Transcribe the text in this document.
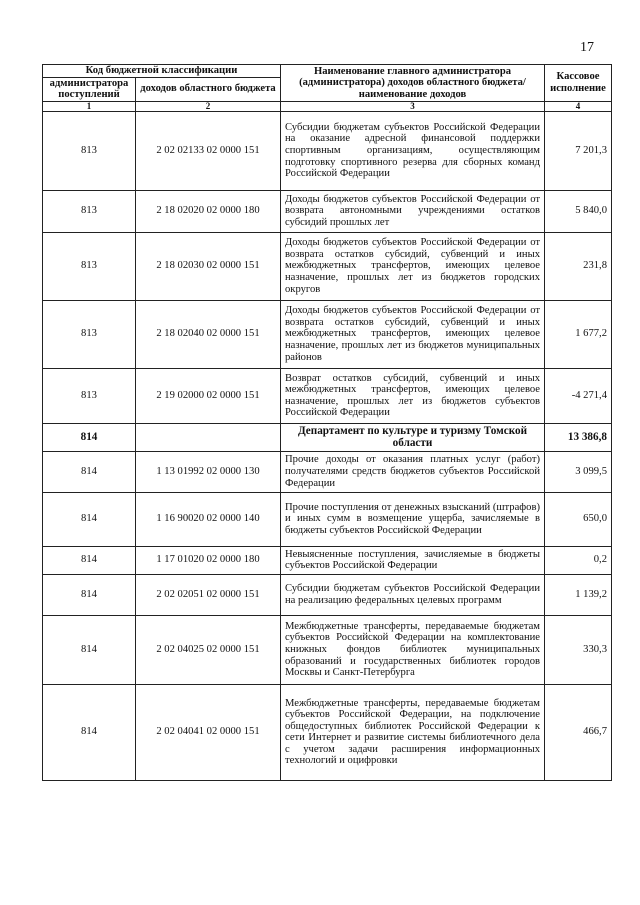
17
Код бюджетной классификации		Наименование главного администратора (администратора) доходов областного бюджета/ наименование доходов	Кассовое исполнение
администратора поступлений	доходов областного бюджета		
1	2	3	4
813	2 02 02133 02 0000 151	Субсидии бюджетам субъектов Российской Федерации на оказание адресной финансовой поддержки спортивным организациям, осуществляющим подготовку спортивного резерва для сборных команд Российской Федерации	7 201,3
813	2 18 02020 02 0000 180	Доходы бюджетов субъектов Российской Федерации от возврата автономными учреждениями остатков субсидий прошлых лет	5 840,0
813	2 18 02030 02 0000 151	Доходы бюджетов субъектов Российской Федерации от возврата остатков субсидий, субвенций и иных межбюджетных трансфертов, имеющих целевое назначение, прошлых лет из бюджетов городских округов	231,8
813	2 18 02040 02 0000 151	Доходы бюджетов субъектов Российской Федерации от возврата остатков субсидий, субвенций и иных межбюджетных трансфертов, имеющих целевое назначение, прошлых лет из бюджетов муниципальных районов	1 677,2
813	2 19 02000 02 0000 151	Возврат остатков субсидий, субвенций и иных межбюджетных трансфертов, имеющих целевое назначение, прошлых лет из бюджетов субъектов Российской Федерации	-4 271,4
814		Департамент по культуре и туризму Томской области	13 386,8
814	1 13 01992 02 0000 130	Прочие доходы от оказания платных услуг (работ) получателями средств бюджетов субъектов Российской Федерации	3 099,5
814	1 16 90020 02 0000 140	Прочие поступления от денежных взысканий (штрафов) и иных сумм в возмещение ущерба, зачисляемые в бюджеты субъектов Российской Федерации	650,0
814	1 17 01020 02 0000 180	Невыясненные поступления, зачисляемые в бюджеты субъектов Российской Федерации	0,2
814	2 02 02051 02 0000 151	Субсидии бюджетам субъектов Российской Федерации на реализацию федеральных целевых программ	1 139,2
814	2 02 04025 02 0000 151	Межбюджетные трансферты, передаваемые бюджетам субъектов Российской Федерации на комплектование книжных фондов библиотек муниципальных образований и государственных библиотек городов Москвы и Санкт-Петербурга	330,3
814	2 02 04041 02 0000 151	Межбюджетные трансферты, передаваемые бюджетам субъектов Российской Федерации, на подключение общедоступных библиотек Российской Федерации к сети Интернет и развитие системы библиотечного дела с учетом задачи расширения информационных технологий и оцифровки	466,7
